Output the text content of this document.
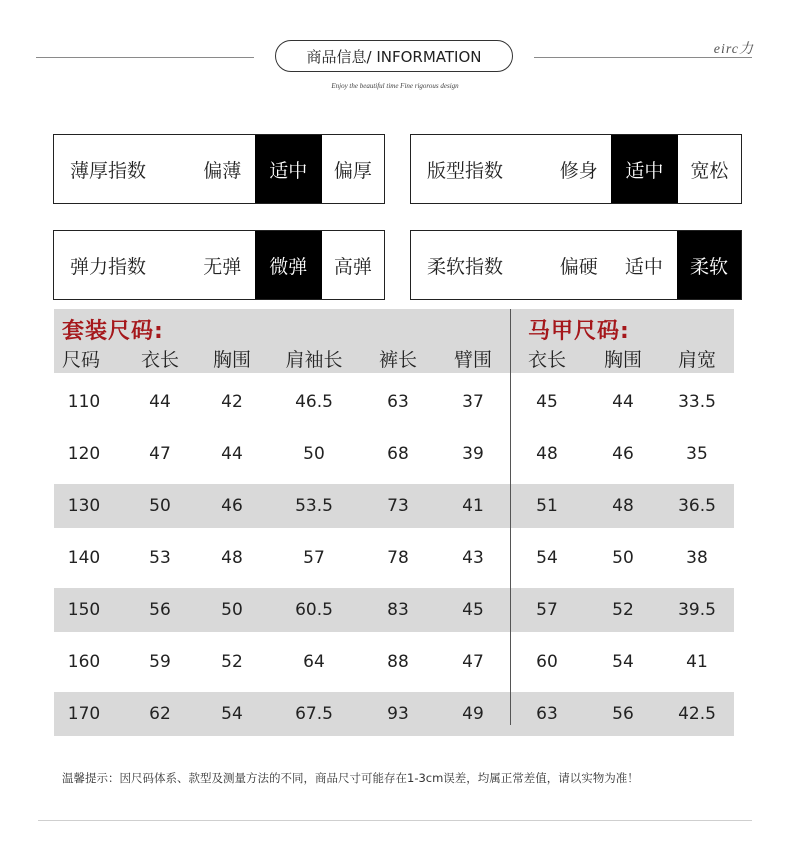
商品信息/ INFORMATION
Enjoy the beautiful time Fine rigorous design
eirc力
薄厚指数	偏薄	适中	偏厚	版型指数	修身	适中	宽松
弹力指数	无弹	微弹	高弹	柔软指数	偏硬	适中	柔软
套装尺码:	马甲尺码:
尺码 衣长 胸围 肩袖长 裤长 臂围 衣长 胸围 肩宽
110	44	42	46.5	63	37	45	44	33.5
120	47	44	50	68	39	48	46	35
130	50	46	53.5	73	41	51	48	36.5
140	53	48	57	78	43	54	50	38
150	56	50	60.5	83	45	57	52	39.5
160	59	52	64	88	47	60	54	41
170	62	54	67.5	93	49	63	56	42.5
温馨提示：因尺码体系、款型及测量方法的不同，商品尺寸可能存在1-3cm误差，均属正常差值，请以实物为准！
